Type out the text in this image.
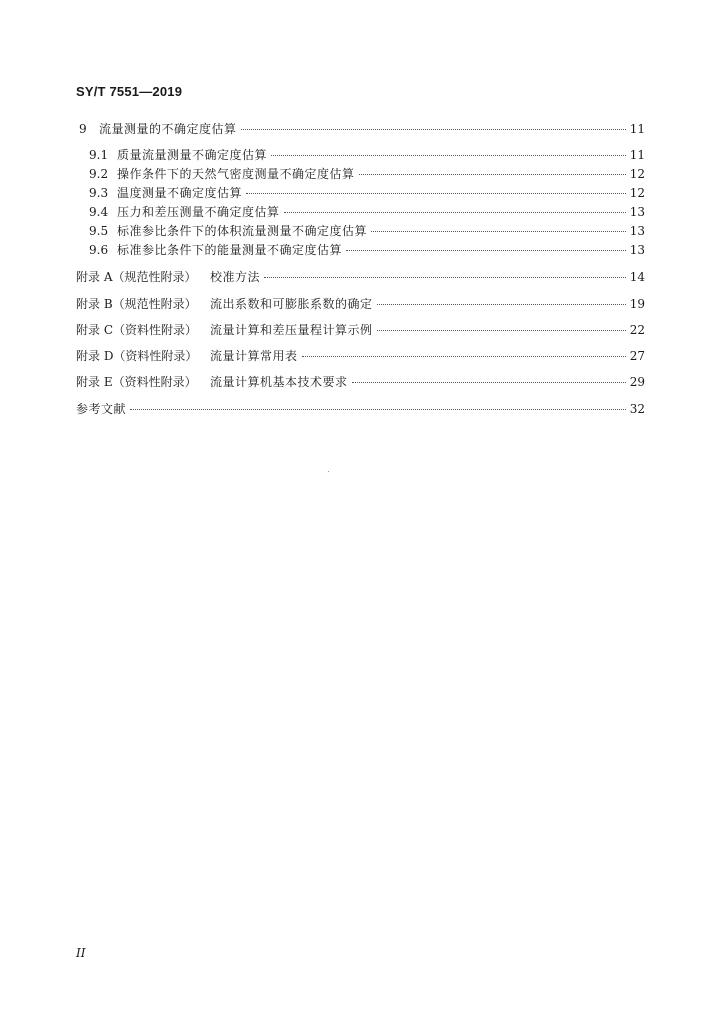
SY/T 7551—2019
9	流量测量的不确定度估算	11
9.1 质量流量测量不确定度估算	11
9.2 操作条件下的天然气密度测量不确定度估算	12
9.3 温度测量不确定度估算	12
9.4 压力和差压测量不确定度估算	13
9.5 标准参比条件下的体积流量测量不确定度估算	13
9.6 标准参比条件下的能量测量不确定度估算	13
附录 A（规范性附录）	校准方法	14
附录 B（规范性附录）	流出系数和可膨胀系数的确定	19
附录 C（资料性附录）	流量计算和差压量程计算示例	22
附录 D（资料性附录）	流量计算常用表	27
附录 E（资料性附录）	流量计算机基本技术要求	29
参考文献	32
II
